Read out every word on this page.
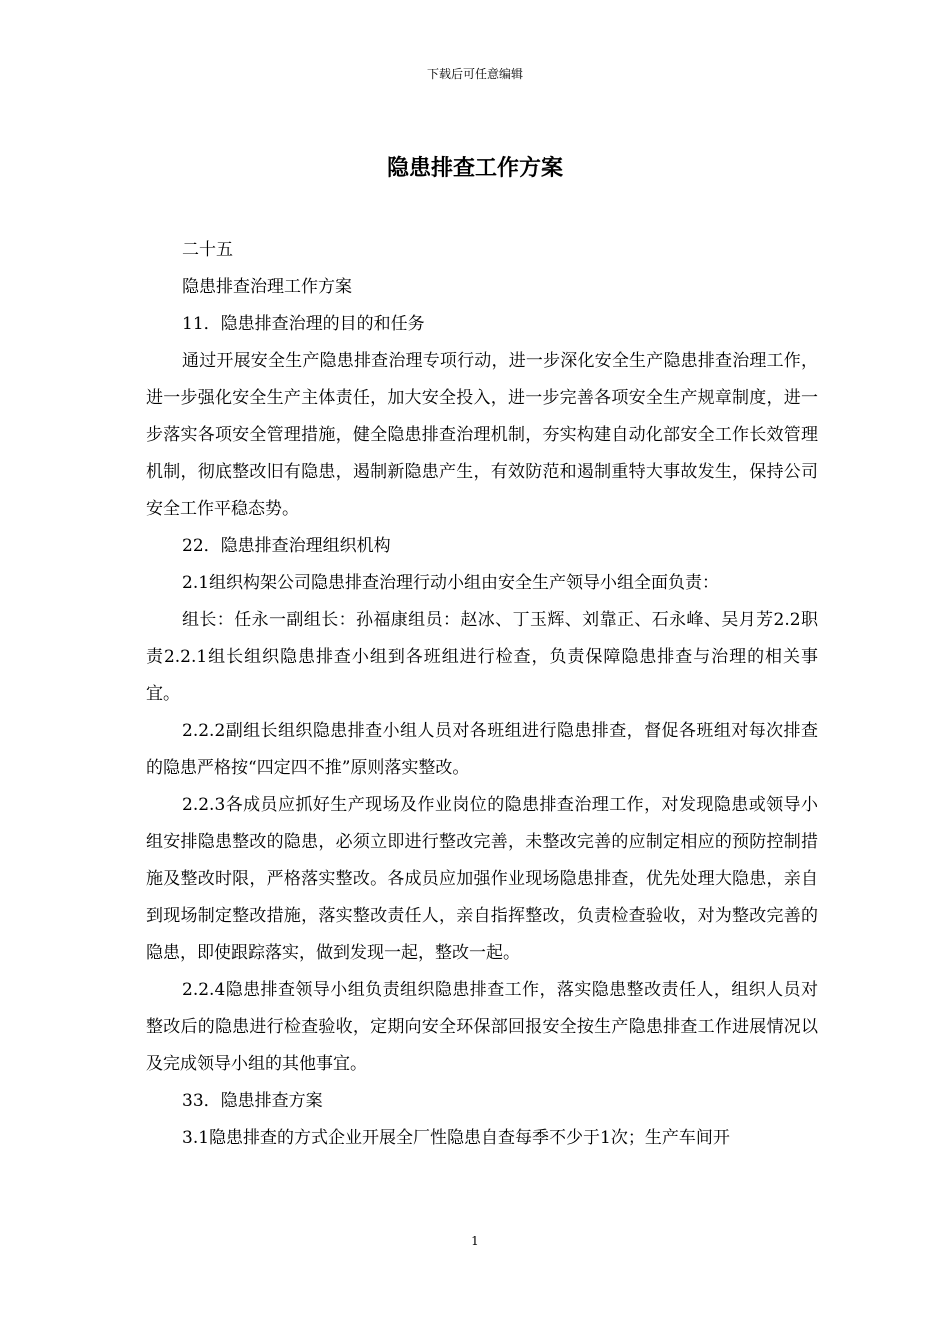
下载后可任意编辑
隐患排查工作方案

二十五

隐患排查治理工作方案

11．隐患排查治理的目的和任务

通过开展安全生产隐患排查治理专项行动，进一步深化安全生产隐患排查治理工作，进一步强化安全生产主体责任，加大安全投入，进一步完善各项安全生产规章制度，进一步落实各项安全管理措施，健全隐患排查治理机制，夯实构建自动化部安全工作长效管理机制，彻底整改旧有隐患，遏制新隐患产生，有效防范和遏制重特大事故发生，保持公司安全工作平稳态势。

22．隐患排查治理组织机构

2.1组织构架公司隐患排查治理行动小组由安全生产领导小组全面负责：

组长：任永一副组长：孙福康组员：赵冰、丁玉辉、刘靠正、石永峰、吴月芳2.2职责2.2.1组长组织隐患排查小组到各班组进行检查，负责保障隐患排查与治理的相关事宜。

2.2.2副组长组织隐患排查小组人员对各班组进行隐患排查，督促各班组对每次排查的隐患严格按“四定四不推”原则落实整改。

2.2.3各成员应抓好生产现场及作业岗位的隐患排查治理工作，对发现隐患或领导小组安排隐患整改的隐患，必须立即进行整改完善，未整改完善的应制定相应的预防控制措施及整改时限，严格落实整改。各成员应加强作业现场隐患排查，优先处理大隐患，亲自到现场制定整改措施，落实整改责任人，亲自指挥整改，负责检查验收，对为整改完善的隐患，即使跟踪落实，做到发现一起，整改一起。

2.2.4隐患排查领导小组负责组织隐患排查工作，落实隐患整改责任人，组织人员对整改后的隐患进行检查验收，定期向安全环保部回报安全按生产隐患排查工作进展情况以及完成领导小组的其他事宜。

33．隐患排查方案

3.1隐患排查的方式企业开展全厂性隐患自查每季不少于1次；生产车间开

1
